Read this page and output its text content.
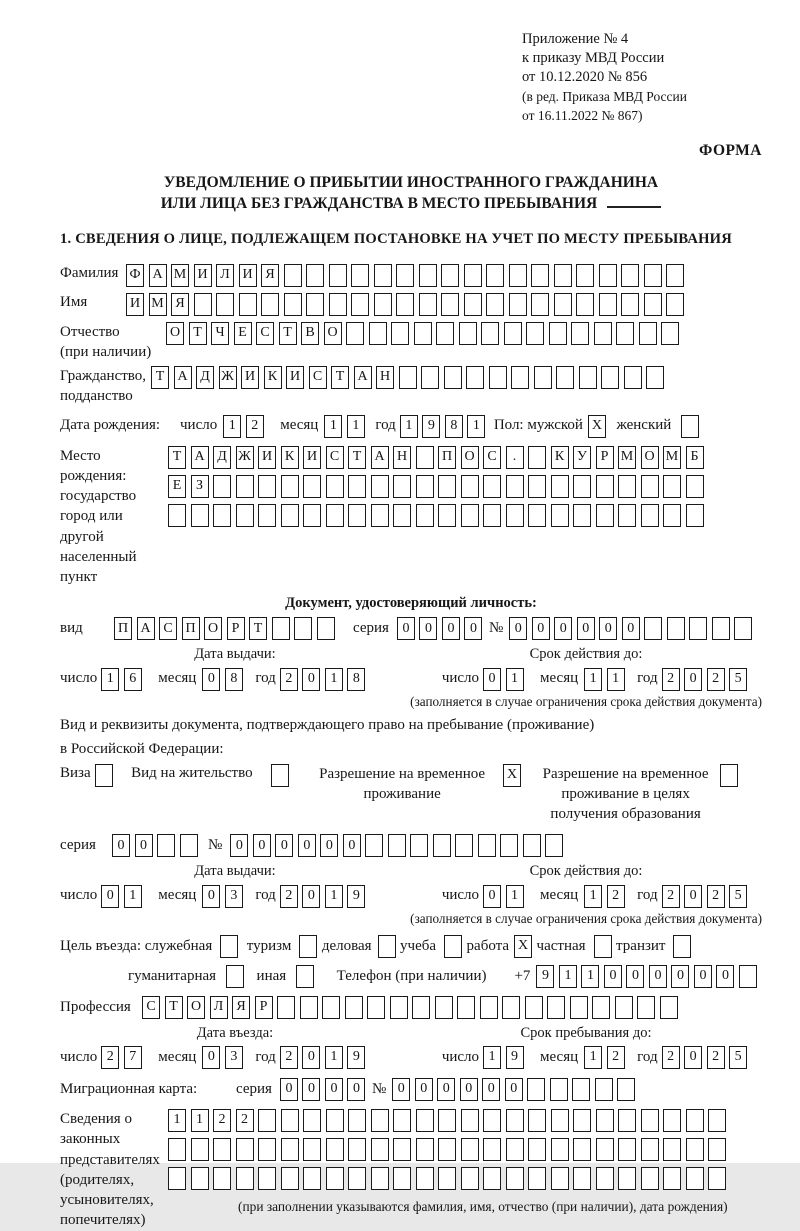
Приложение № 4
к приказу МВД России
от 10.12.2020 № 856
(в ред. Приказа МВД России
от 16.11.2022 № 867)
ФОРМА
УВЕДОМЛЕНИЕ О ПРИБЫТИИ ИНОСТРАННОГО ГРАЖДАНИНА
ИЛИ ЛИЦА БЕЗ ГРАЖДАНСТВА В МЕСТО ПРЕБЫВАНИЯ
1. СВЕДЕНИЯ О ЛИЦЕ, ПОДЛЕЖАЩЕМ ПОСТАНОВКЕ НА УЧЕТ ПО МЕСТУ ПРЕБЫВАНИЯ
Фамилия Ф А М И Л И Я
Имя	И М Я
Отчество
(при наличии)
О Т Ч Е С Т В О
Гражданство,
подданство
Т А Д Ж И К И С Т А Н
Дата рождения:	число 1	2	месяц 1	1	год 1	9	8	1 Пол: мужской X женский
Место рождения:
государство
город или другой
населенный пункт
Т А Д Ж И К И С Т А Н П О С	.	К У Р М О М Б
Е	З
Документ, удостоверяющий личность:
вид	П А С П О Р	Т	серия 0	0	0	0 № 0	0	0	0	0	0
Дата выдачи:	Срок действия до:
число 1	6	месяц 0	8	год 2	0	1	8	число 0	1	месяц 1	1	год 2	0	2	5
(заполняется в случае ограничения срока действия документа)
Вид и реквизиты документа, подтверждающего право на пребывание (проживание)
в Российской Федерации:
Виза	Вид на жительство	Разрешение на временное проживание
X Разрешение на временное проживание в целях получения образования
серия	0	0	№ 0	0	0	0	0	0
Дата выдачи:	Срок действия до:
число 0	1	месяц 0	3	год 2	0	1	9	число 0	1	месяц 1	2	год 2	0	2	5
(заполняется в случае ограничения срока действия документа)
Цель въезда: служебная туризм деловая учеба работа X частная транзит
гуманитарная	иная	Телефон (при наличии) +7 9	1	1	0	0	0	0	0	0
Профессия	С Т О Л Я Р
Дата въезда:	Срок пребывания до:
число 2	7	месяц 0	3	год 2	0	1	9	число 1	9	месяц 1	2	год 2	0	2	5
Миграционная карта:	серия 0	0	0	0 № 0	0	0	0	0	0
Сведения о
законных
представителях
(родителях,
усыновителях,
попечителях)
1	1	2	2
(при заполнении указываются фамилия, имя, отчество (при наличии), дата рождения)
